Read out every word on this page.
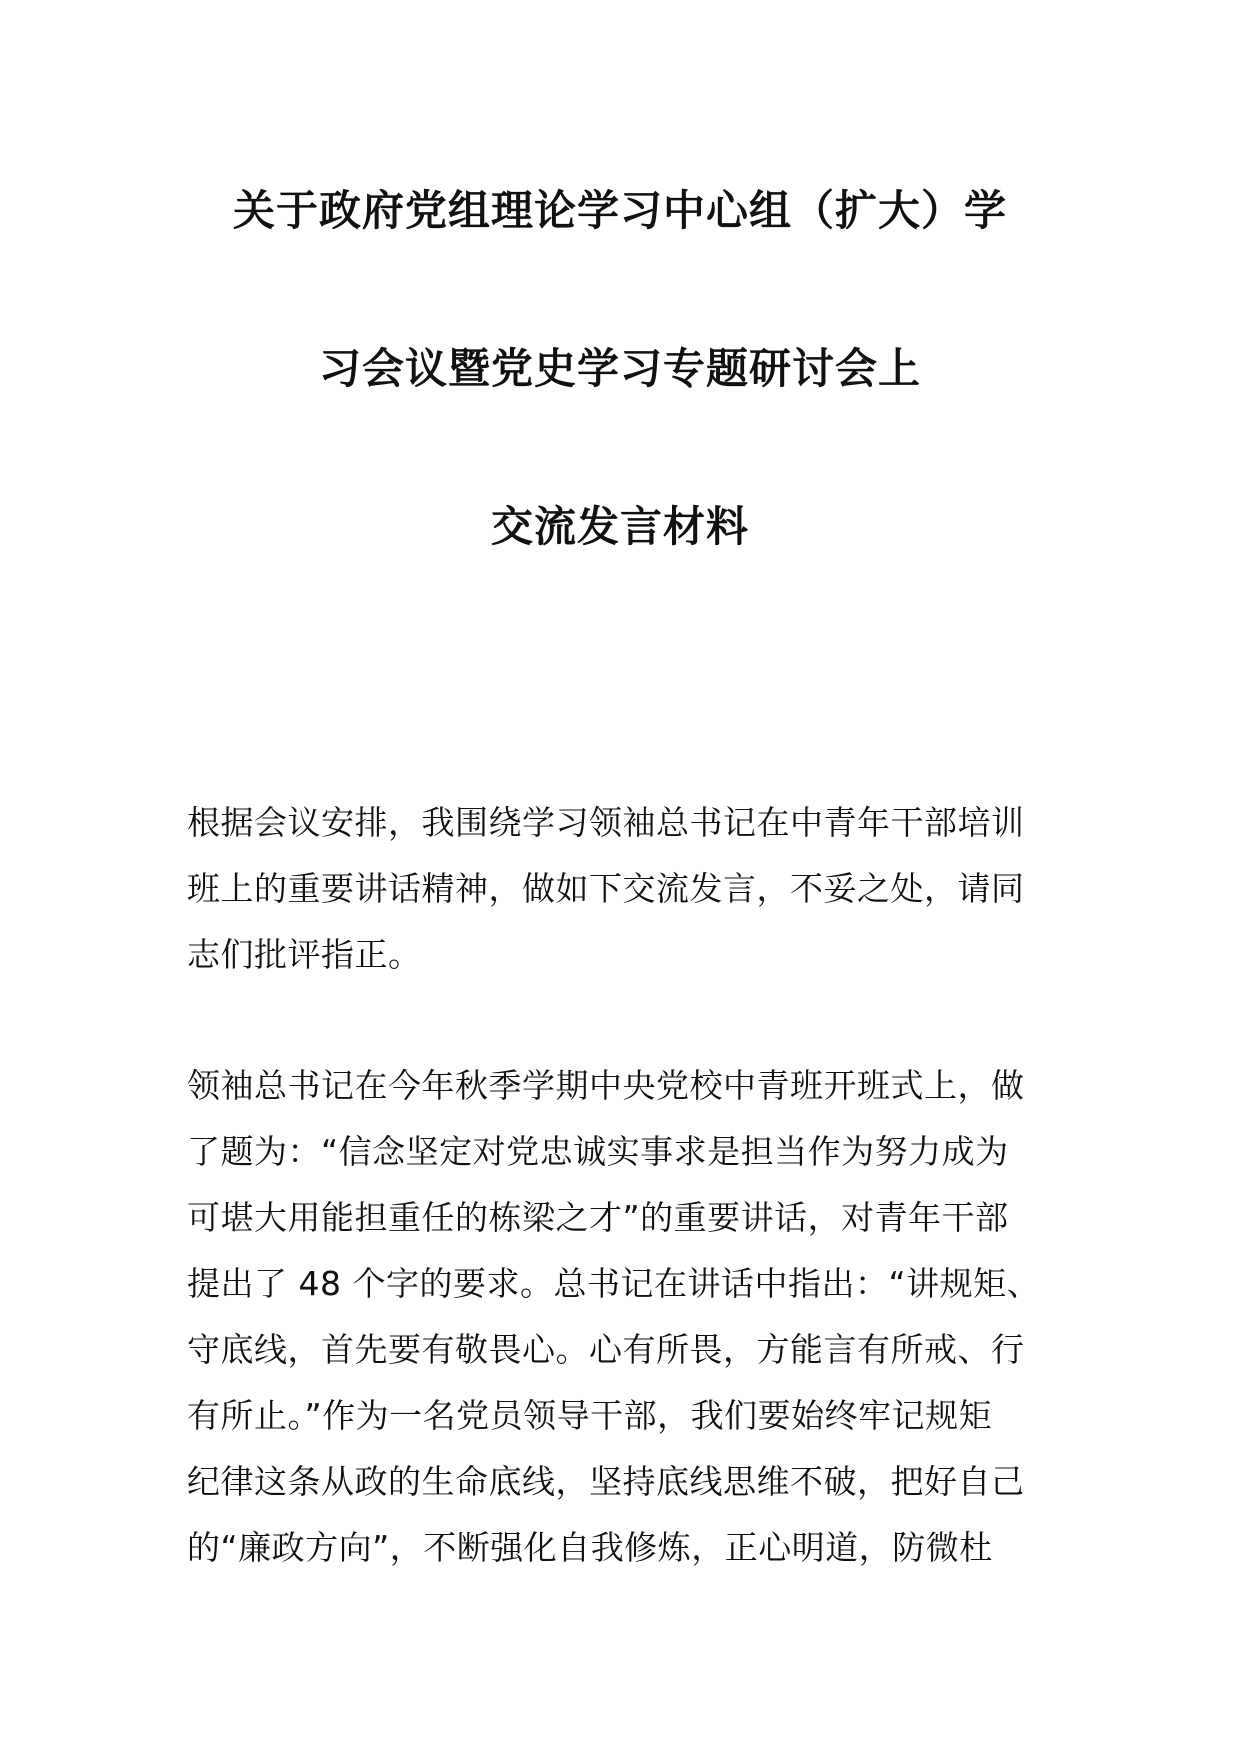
关于政府党组理论学习中心组（扩大）学
习会议暨党史学习专题研讨会上
交流发言材料
根据会议安排，我围绕学习领袖总书记在中青年干部培训
班上的重要讲话精神，做如下交流发言，不妥之处，请同
志们批评指正。
领袖总书记在今年秋季学期中央党校中青班开班式上，做
了题为：“信念坚定对党忠诚实事求是担当作为努力成为
可堪大用能担重任的栋梁之才”的重要讲话，对青年干部
提出了 48 个字的要求。总书记在讲话中指出：“讲规矩、
守底线，首先要有敬畏心。心有所畏，方能言有所戒、行
有所止。”作为一名党员领导干部，我们要始终牢记规矩
纪律这条从政的生命底线，坚持底线思维不破，把好自己
的“廉政方向”，不断强化自我修炼，正心明道，防微杜
